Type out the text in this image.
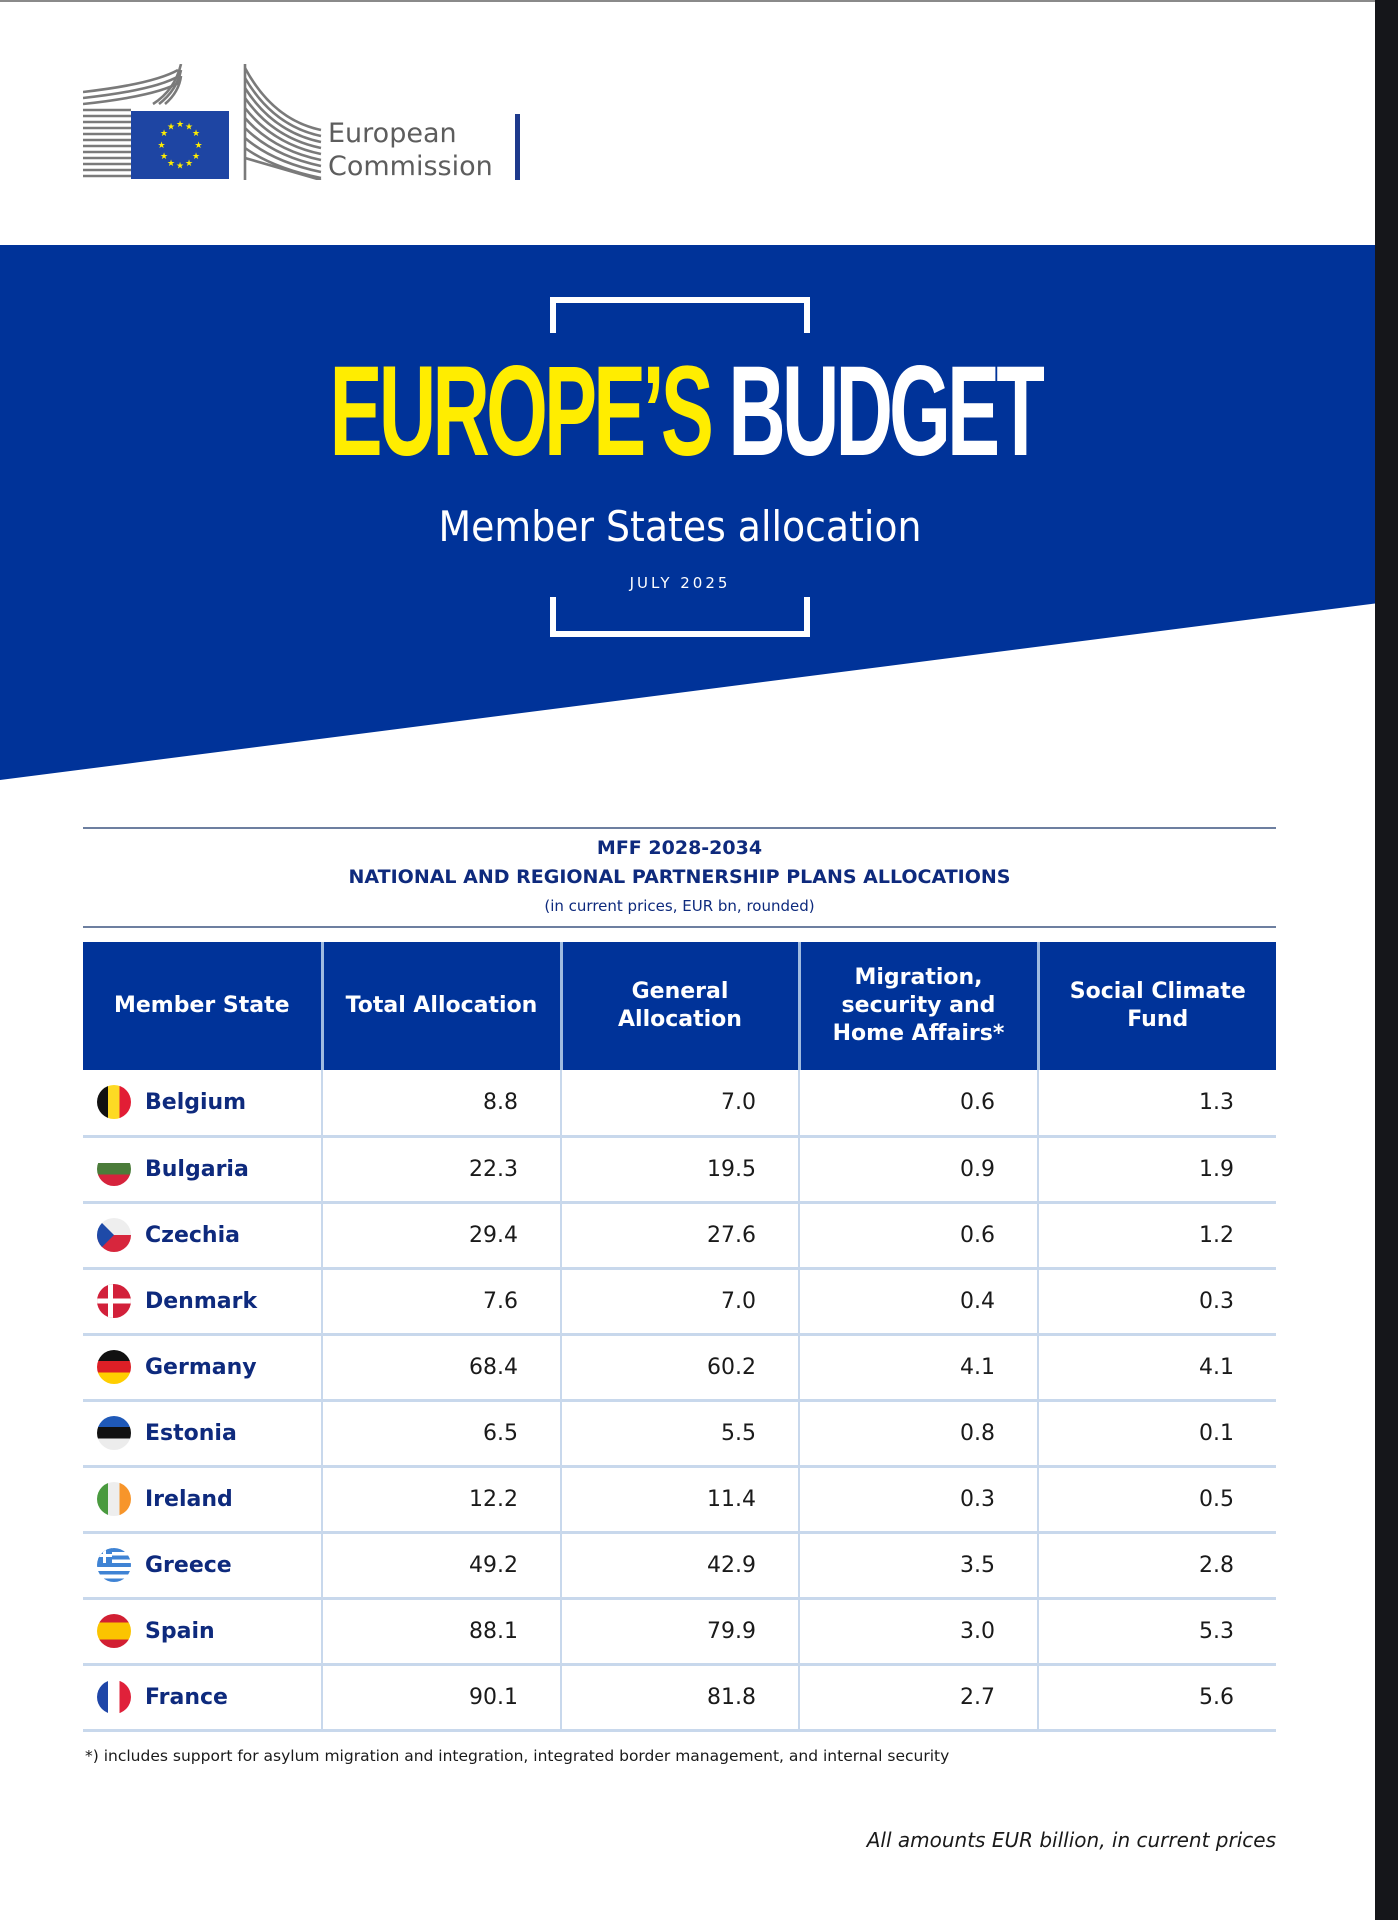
★ ★
★
★
★
★
★
★
★
★
★
★	European
Commission
EUROPE’S BUDGET
Member States allocation
JULY 2025
MFF 2028-2034
NATIONAL AND REGIONAL PARTNERSHIP PLANS ALLOCATIONS
(in current prices, EUR bn, rounded)
Member State	Total Allocation	General Allocation	Migration, security and Home Affairs*	Social Climate Fund

Belgium	8.8	7.0	0.6	1.3

Bulgaria	22.3	19.5	0.9	1.9

Czechia	29.4	27.6	0.6	1.2

Denmark	7.6	7.0	0.4	0.3

Germany	68.4	60.2	4.1	4.1

Estonia	6.5	5.5	0.8	0.1

Ireland	12.2	11.4	0.3	0.5

Greece	49.2	42.9	3.5	2.8

Spain	88.1	79.9	3.0	5.3

France	90.1	81.8	2.7	5.6
*) includes support for asylum migration and integration, integrated border management, and internal security
All amounts EUR billion, in current prices
